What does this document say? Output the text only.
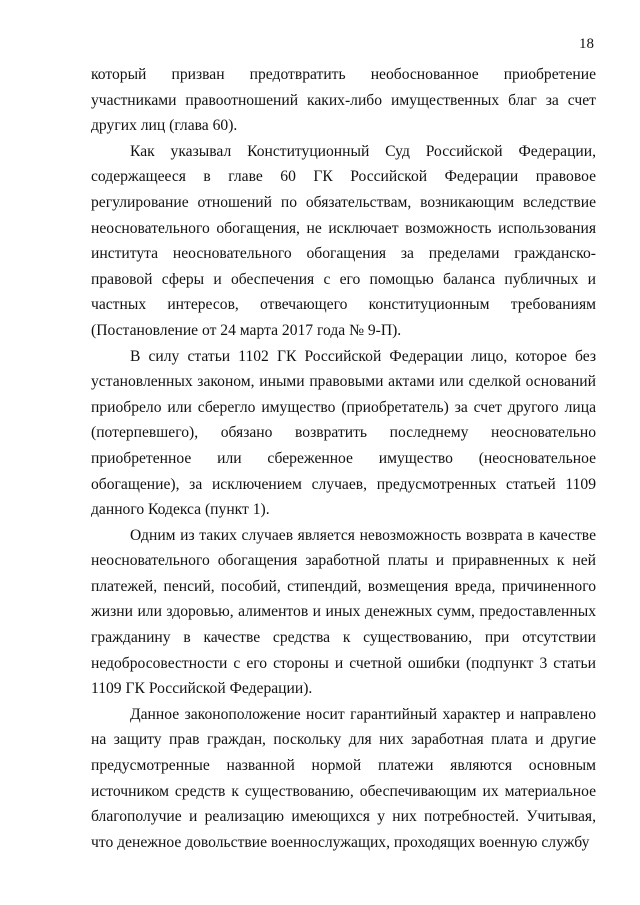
18

который призван предотвратить необоснованное приобретение участниками правоотношений каких-либо имущественных благ за счет других лиц (глава 60).

Как указывал Конституционный Суд Российской Федерации, содержащееся в главе 60 ГК Российской Федерации правовое регулирование отношений по обязательствам, возникающим вследствие неосновательного обогащения, не исключает возможность использования института неосновательного обогащения за пределами гражданско-правовой сферы и обеспечения с его помощью баланса публичных и частных интересов, отвечающего конституционным требованиям (Постановление от 24 марта 2017 года № 9-П).

В силу статьи 1102 ГК Российской Федерации лицо, которое без установленных законом, иными правовыми актами или сделкой оснований приобрело или сберегло имущество (приобретатель) за счет другого лица (потерпевшего), обязано возвратить последнему неосновательно приобретенное или сбереженное имущество (неосновательное обогащение), за исключением случаев, предусмотренных статьей 1109 данного Кодекса (пункт 1).

Одним из таких случаев является невозможность возврата в качестве неосновательного обогащения заработной платы и приравненных к ней платежей, пенсий, пособий, стипендий, возмещения вреда, причиненного жизни или здоровью, алиментов и иных денежных сумм, предоставленных гражданину в качестве средства к существованию, при отсутствии недобросовестности с его стороны и счетной ошибки (подпункт 3 статьи 1109 ГК Российской Федерации).

Данное законоположение носит гарантийный характер и направлено на защиту прав граждан, поскольку для них заработная плата и другие предусмотренные названной нормой платежи являются основным источником средств к существованию, обеспечивающим их материальное благополучие и реализацию имеющихся у них потребностей. Учитывая, что денежное довольствие военнослужащих, проходящих военную службу
